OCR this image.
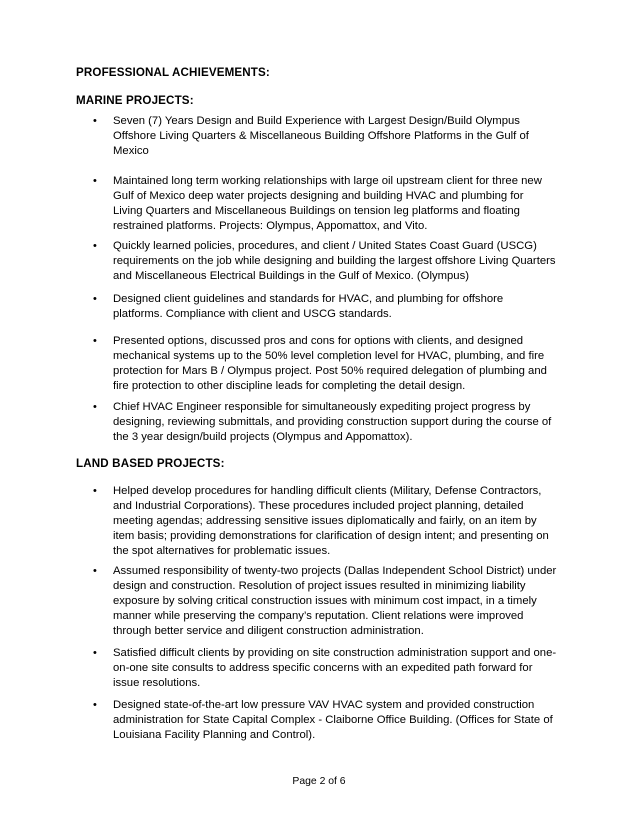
PROFESSIONAL ACHIEVEMENTS:
MARINE PROJECTS:
• Seven (7) Years Design and Build Experience with Largest Design/Build Olympus
Offshore Living Quarters & Miscellaneous Building Offshore Platforms in the Gulf of
Mexico
• Maintained long term working relationships with large oil upstream client for three new
Gulf of Mexico deep water projects designing and building HVAC and plumbing for
Living Quarters and Miscellaneous Buildings on tension leg platforms and floating
restrained platforms. Projects: Olympus, Appomattox, and Vito.
• Quickly learned policies, procedures, and client / United States Coast Guard (USCG)
requirements on the job while designing and building the largest offshore Living Quarters
and Miscellaneous Electrical Buildings in the Gulf of Mexico. (Olympus)
• Designed client guidelines and standards for HVAC, and plumbing for offshore
platforms. Compliance with client and USCG standards.
• Presented options, discussed pros and cons for options with clients, and designed
mechanical systems up to the 50% level completion level for HVAC, plumbing, and fire
protection for Mars B / Olympus project. Post 50% required delegation of plumbing and
fire protection to other discipline leads for completing the detail design.
• Chief HVAC Engineer responsible for simultaneously expediting project progress by
designing, reviewing submittals, and providing construction support during the course of
the 3 year design/build projects (Olympus and Appomattox).
LAND BASED PROJECTS:
• Helped develop procedures for handling difficult clients (Military, Defense Contractors,
and Industrial Corporations). These procedures included project planning, detailed
meeting agendas; addressing sensitive issues diplomatically and fairly, on an item by
item basis; providing demonstrations for clarification of design intent; and presenting on
the spot alternatives for problematic issues.
• Assumed responsibility of twenty-two projects (Dallas Independent School District) under
design and construction. Resolution of project issues resulted in minimizing liability
exposure by solving critical construction issues with minimum cost impact, in a timely
manner while preserving the company’s reputation. Client relations were improved
through better service and diligent construction administration.
• Satisfied difficult clients by providing on site construction administration support and one-
on-one site consults to address specific concerns with an expedited path forward for
issue resolutions.
• Designed state-of-the-art low pressure VAV HVAC system and provided construction
administration for State Capital Complex - Claiborne Office Building. (Offices for State of
Louisiana Facility Planning and Control).
Page 2 of 6
